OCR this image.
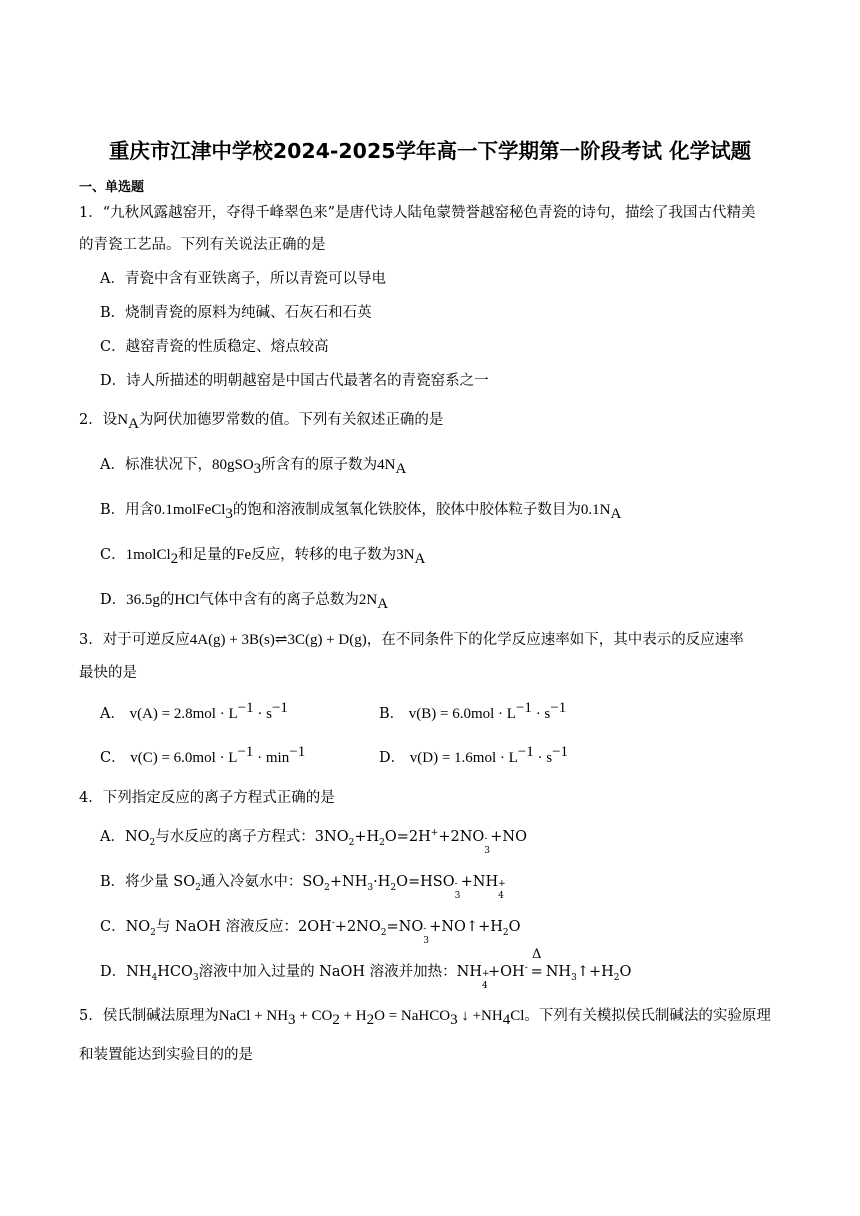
重庆市江津中学校2024-2025学年高一下学期第一阶段考试 化学试题
一、单选题
1．“九秋风露越窑开，夺得千峰翠色来”是唐代诗人陆龟蒙赞誉越窑秘色青瓷的诗句，描绘了我国古代精美
的青瓷工艺品。下列有关说法正确的是
A．青瓷中含有亚铁离子，所以青瓷可以导电
B．烧制青瓷的原料为纯碱、石灰石和石英
C．越窑青瓷的性质稳定、熔点较高
D．诗人所描述的明朝越窑是中国古代最著名的青瓷窑系之一
2．设$N_A$为阿伏加德罗常数的值。下列有关叙述正确的是
A．标准状况下，80gSO$_3$所含有的原子数为$4N_A$
B．用含0.1molFeCl$_3$的饱和溶液制成氢氧化铁胶体，胶体中胶体粒子数目为$0.1N_A$
C．1molCl$_2$和足量的Fe反应，转移的电子数为$3N_A$
D．36.5g的HCl气体中含有的离子总数为$2N_A$
3．对于可逆反应4A(g) + 3B(s)⇌3C(g) + D(g)，在不同条件下的化学反应速率如下，其中表示的反应速率
最快的是
A． $v(A) = 2.8mol \cdot L^{-1} \cdot s^{-1}$	B． $v(B) = 6.0mol \cdot L^{-1} \cdot s^{-1}$
C． $v(C) = 6.0mol \cdot L^{-1} \cdot \min^{-1}$	D． $v(D) = 1.6mol \cdot L^{-1} \cdot s^{-1}$
4．下列指定反应的离子方程式正确的是
A．$NO_2$与水反应的离子方程式：$3NO_2+H_2O=2H^++2NO$ -
3
+NO
B．将少量 $SO_2$通入冷氨水中：$SO_2+NH_3\cdot H_2O=HSO$ -
3
+NH +
4
C．$NO_2$与 NaOH 溶液反应：$2OH^-+2NO_2=NO$ -
3
$+NO↑+H_2O$
D．$NH_4HCO_3$溶液中加入过量的 NaOH 溶液并加热：NH +
4
+OH-
Δ
= $NH_3↑+H_2O$
5．侯氏制碱法原理为NaCl + $NH_3 + CO_2 + H_2O$ = NaHCO$_3$ ↓ $+NH_4Cl$。下列有关模拟侯氏制碱法的实验原理
和装置能达到实验目的的是
